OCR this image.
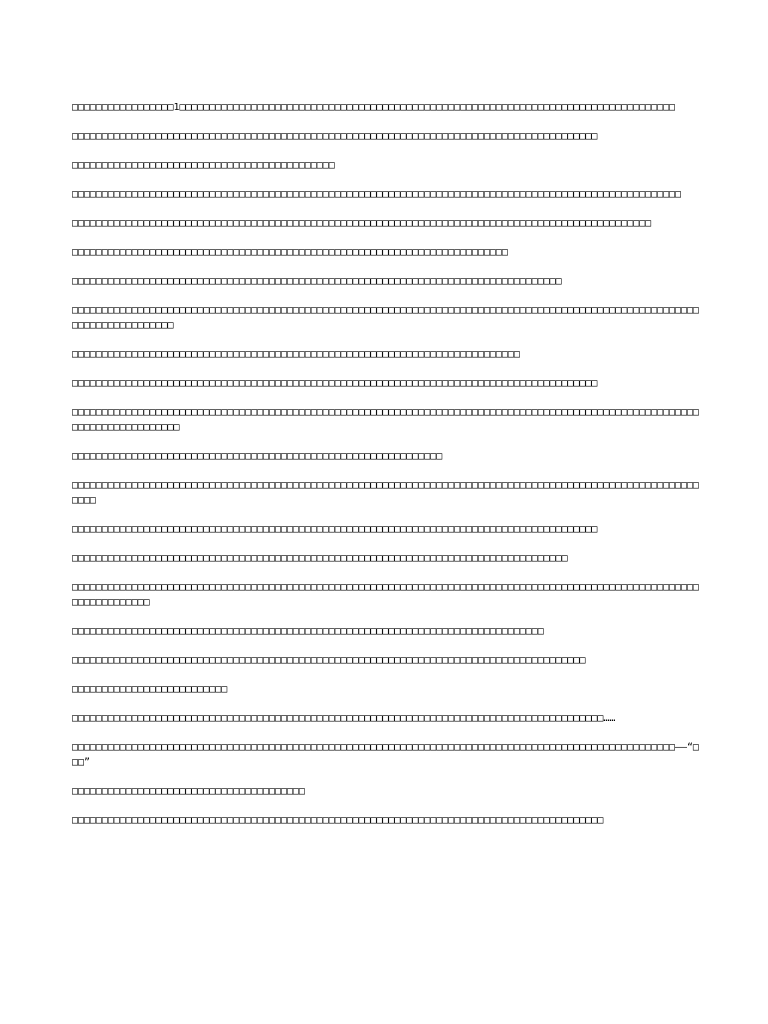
□□□□□□□□□□□□□□□□□1□□□□□□□□□□□□□□□□□□□□□□□□□□□□□□□□□□□□□□□□□□□□□□□□□□□□□□□□□□□□□□□□□□□□□□□□□□□□□□□□□□□

□□□□□□□□□□□□□□□□□□□□□□□□□□□□□□□□□□□□□□□□□□□□□□□□□□□□□□□□□□□□□□□□□□□□□□□□□□□□□□□□□□□□□□□□

□□□□□□□□□□□□□□□□□□□□□□□□□□□□□□□□□□□□□□□□□□□□

□□□□□□□□□□□□□□□□□□□□□□□□□□□□□□□□□□□□□□□□□□□□□□□□□□□□□□□□□□□□□□□□□□□□□□□□□□□□□□□□□□□□□□□□□□□□□□□□□□□□□□

□□□□□□□□□□□□□□□□□□□□□□□□□□□□□□□□□□□□□□□□□□□□□□□□□□□□□□□□□□□□□□□□□□□□□□□□□□□□□□□□□□□□□□□□□□□□□□□□□

□□□□□□□□□□□□□□□□□□□□□□□□□□□□□□□□□□□□□□□□□□□□□□□□□□□□□□□□□□□□□□□□□□□□□□□□□

□□□□□□□□□□□□□□□□□□□□□□□□□□□□□□□□□□□□□□□□□□□□□□□□□□□□□□□□□□□□□□□□□□□□□□□□□□□□□□□□□□

□□□□□□□□□□□□□□□□□□□□□□□□□□□□□□□□□□□□□□□□□□□□□□□□□□□□□□□□□□□□□□□□□□□□□□□□□□□□□□□□□□□□□□□□□□□□□□□□□□□□□□□□□□□□□□□□□□□□□□□□□□

□□□□□□□□□□□□□□□□□□□□□□□□□□□□□□□□□□□□□□□□□□□□□□□□□□□□□□□□□□□□□□□□□□□□□□□□□□□

□□□□□□□□□□□□□□□□□□□□□□□□□□□□□□□□□□□□□□□□□□□□□□□□□□□□□□□□□□□□□□□□□□□□□□□□□□□□□□□□□□□□□□□□

□□□□□□□□□□□□□□□□□□□□□□□□□□□□□□□□□□□□□□□□□□□□□□□□□□□□□□□□□□□□□□□□□□□□□□□□□□□□□□□□□□□□□□□□□□□□□□□□□□□□□□□□□□□□□□□□□□□□□□□□□□□

□□□□□□□□□□□□□□□□□□□□□□□□□□□□□□□□□□□□□□□□□□□□□□□□□□□□□□□□□□□□□□

□□□□□□□□□□□□□□□□□□□□□□□□□□□□□□□□□□□□□□□□□□□□□□□□□□□□□□□□□□□□□□□□□□□□□□□□□□□□□□□□□□□□□□□□□□□□□□□□□□□□□□□□□□□□□

□□□□□□□□□□□□□□□□□□□□□□□□□□□□□□□□□□□□□□□□□□□□□□□□□□□□□□□□□□□□□□□□□□□□□□□□□□□□□□□□□□□□□□□□

□□□□□□□□□□□□□□□□□□□□□□□□□□□□□□□□□□□□□□□□□□□□□□□□□□□□□□□□□□□□□□□□□□□□□□□□□□□□□□□□□□□

□□□□□□□□□□□□□□□□□□□□□□□□□□□□□□□□□□□□□□□□□□□□□□□□□□□□□□□□□□□□□□□□□□□□□□□□□□□□□□□□□□□□□□□□□□□□□□□□□□□□□□□□□□□□□□□□□□□□□□

□□□□□□□□□□□□□□□□□□□□□□□□□□□□□□□□□□□□□□□□□□□□□□□□□□□□□□□□□□□□□□□□□□□□□□□□□□□□□□□

□□□□□□□□□□□□□□□□□□□□□□□□□□□□□□□□□□□□□□□□□□□□□□□□□□□□□□□□□□□□□□□□□□□□□□□□□□□□□□□□□□□□□□

□□□□□□□□□□□□□□□□□□□□□□□□□□

□□□□□□□□□□□□□□□□□□□□□□□□□□□□□□□□□□□□□□□□□□□□□□□□□□□□□□□□□□□□□□□□□□□□□□□□□□□□□□□□□□□□□□□□□……

□□□□□□□□□□□□□□□□□□□□□□□□□□□□□□□□□□□□□□□□□□□□□□□□□□□□□□□□□□□□□□□□□□□□□□□□□□□□□□□□□□□□□□□□□□□□□□□□□□□□□——“□□□”

□□□□□□□□□□□□□□□□□□□□□□□□□□□□□□□□□□□□□□□

□□□□□□□□□□□□□□□□□□□□□□□□□□□□□□□□□□□□□□□□□□□□□□□□□□□□□□□□□□□□□□□□□□□□□□□□□□□□□□□□□□□□□□□□□
